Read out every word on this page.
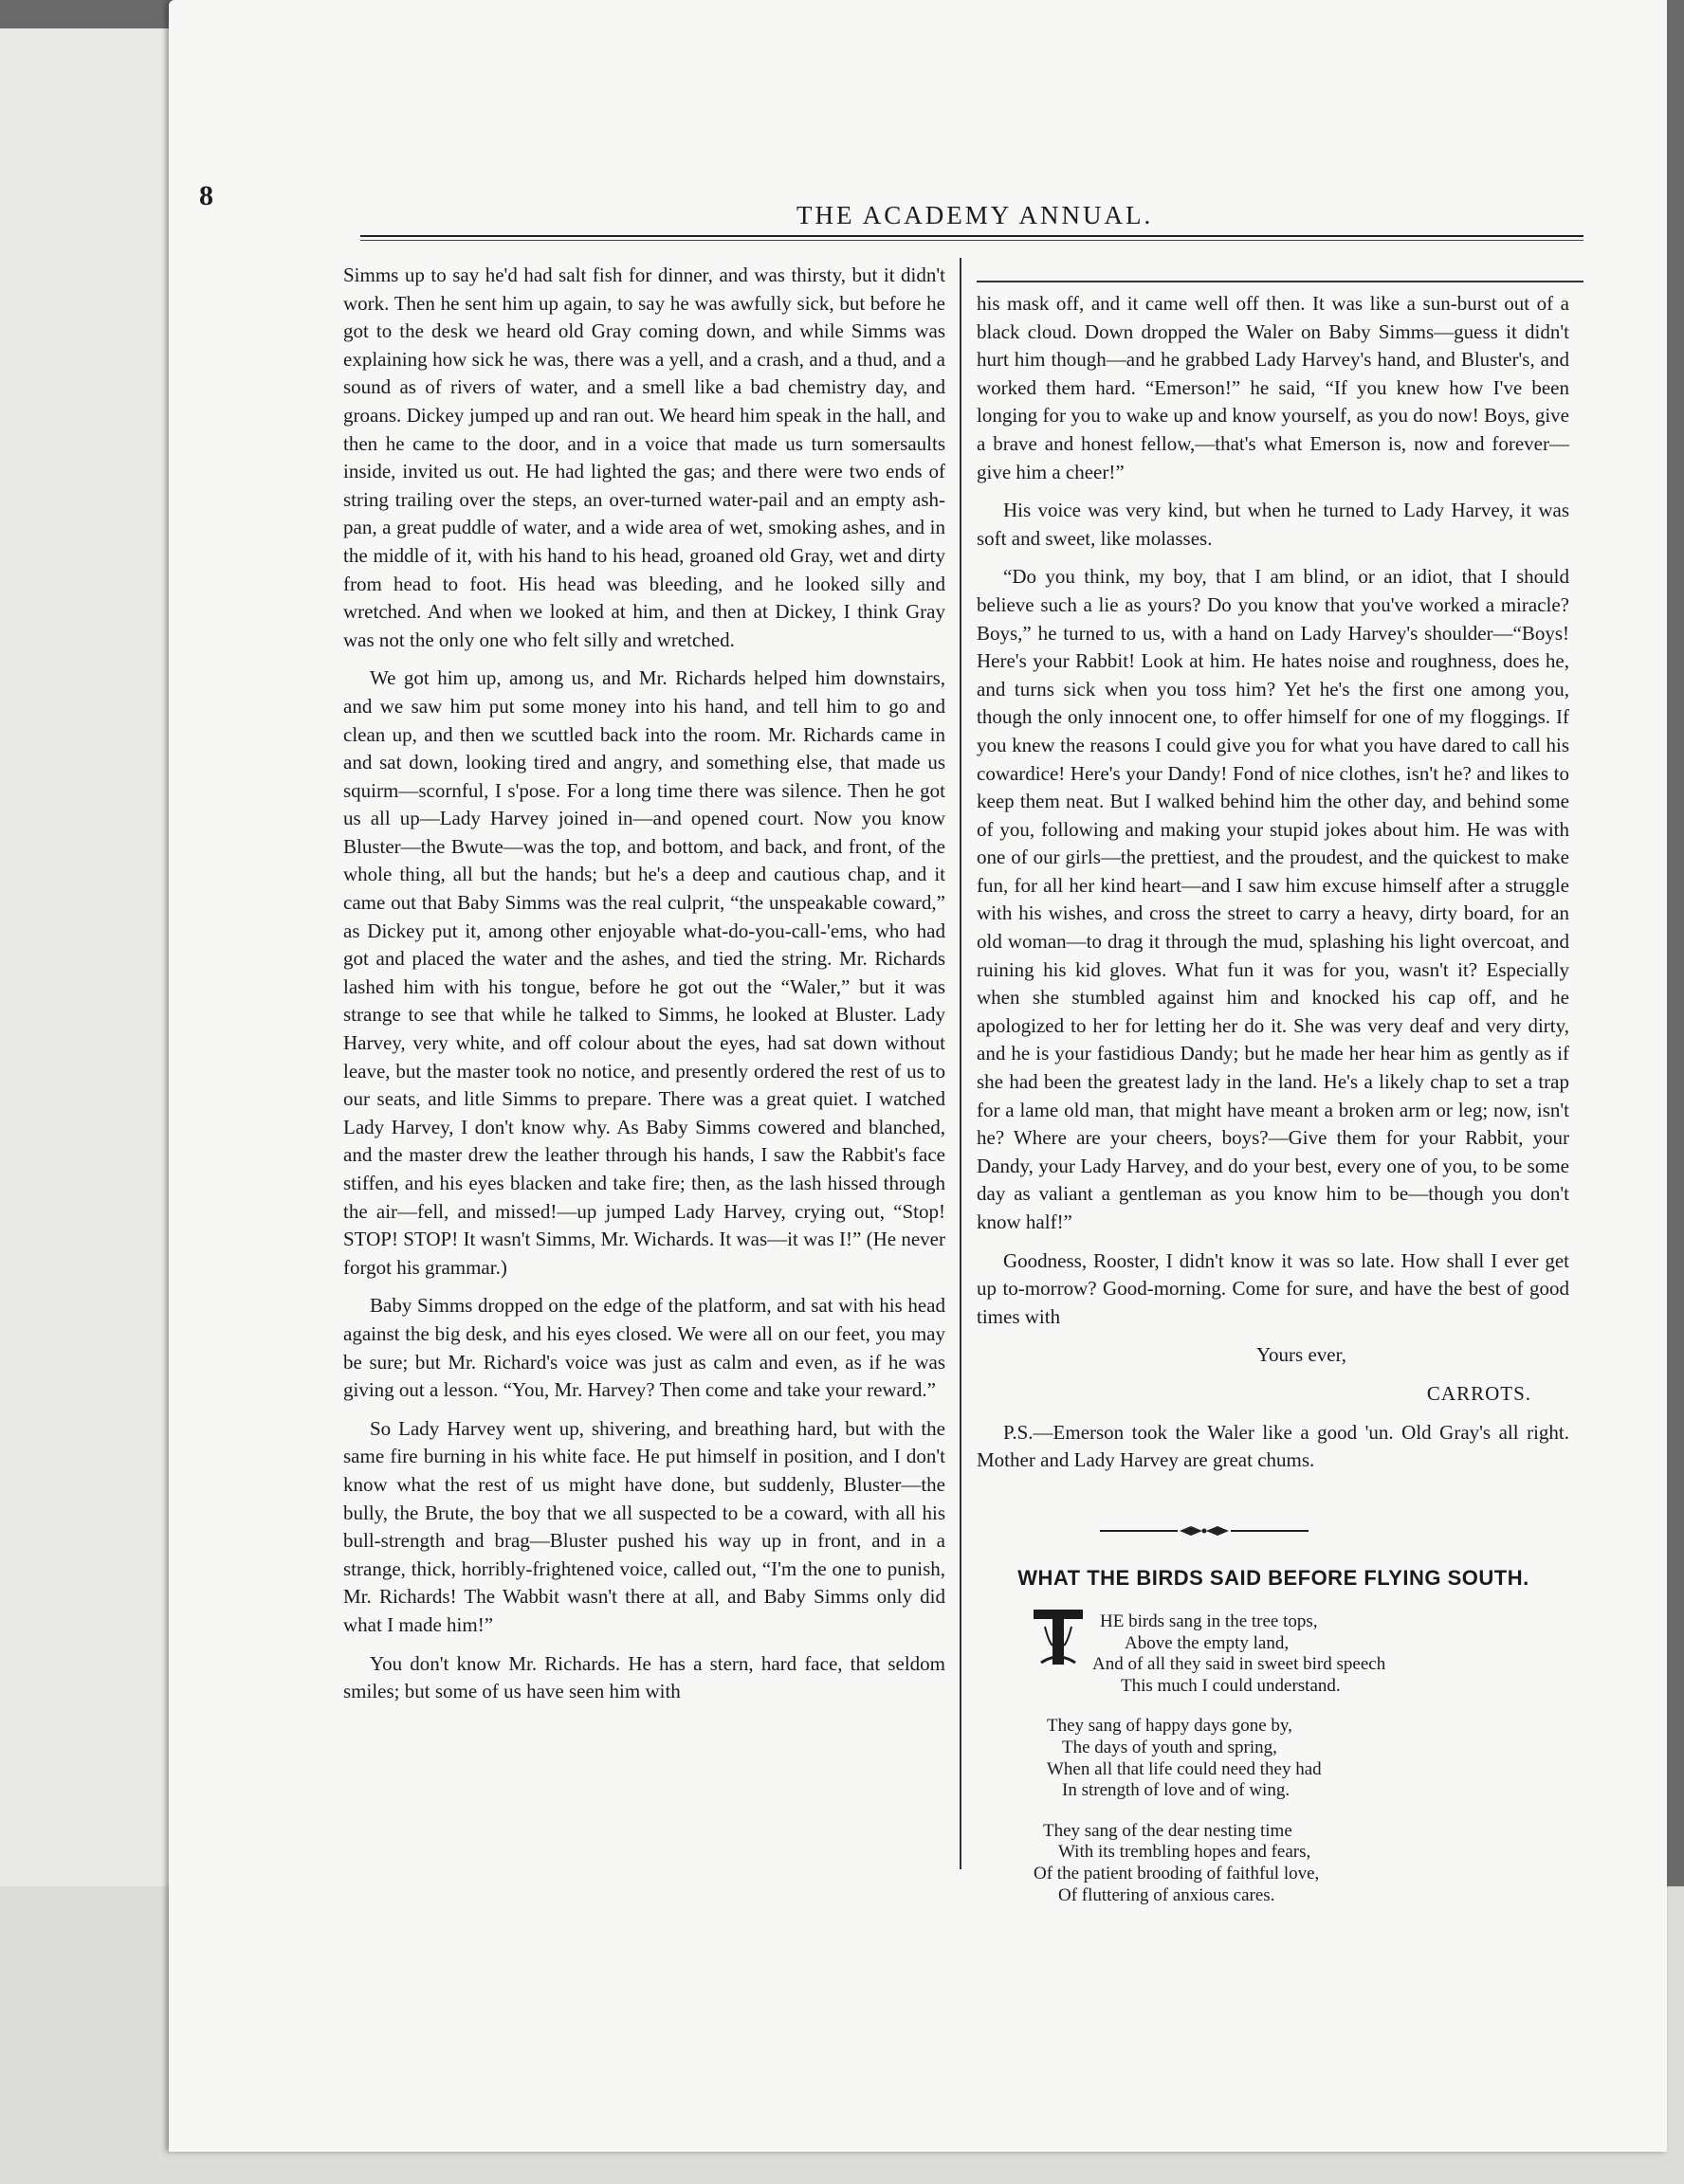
8
THE ACADEMY ANNUAL.

Simms up to say he'd had salt fish for dinner, and was thirsty, but it didn't work. Then he sent him up again, to say he was awfully sick, but before he got to the desk we heard old Gray coming down, and while Simms was explaining how sick he was, there was a yell, and a crash, and a thud, and a sound as of rivers of water, and a smell like a bad chemistry day, and groans. Dickey jumped up and ran out. We heard him speak in the hall, and then he came to the door, and in a voice that made us turn somersaults inside, invited us out. He had lighted the gas; and there were two ends of string trailing over the steps, an over-turned water-pail and an empty ash-pan, a great puddle of water, and a wide area of wet, smoking ashes, and in the middle of it, with his hand to his head, groaned old Gray, wet and dirty from head to foot. His head was bleeding, and he looked silly and wretched. And when we looked at him, and then at Dickey, I think Gray was not the only one who felt silly and wretched.

We got him up, among us, and Mr. Richards helped him downstairs, and we saw him put some money into his hand, and tell him to go and clean up, and then we scuttled back into the room. Mr. Richards came in and sat down, looking tired and angry, and something else, that made us squirm—scornful, I s'pose. For a long time there was silence. Then he got us all up—Lady Harvey joined in—and opened court. Now you know Bluster—the Bwute—was the top, and bottom, and back, and front, of the whole thing, all but the hands; but he's a deep and cautious chap, and it came out that Baby Simms was the real culprit, “the unspeakable coward,” as Dickey put it, among other enjoyable what-do-you-call-'ems, who had got and placed the water and the ashes, and tied the string. Mr. Richards lashed him with his tongue, before he got out the “Waler,” but it was strange to see that while he talked to Simms, he looked at Bluster. Lady Harvey, very white, and off colour about the eyes, had sat down without leave, but the master took no notice, and presently ordered the rest of us to our seats, and litle Simms to prepare. There was a great quiet. I watched Lady Harvey, I don't know why. As Baby Simms cowered and blanched, and the master drew the leather through his hands, I saw the Rabbit's face stiffen, and his eyes blacken and take fire; then, as the lash hissed through the air—fell, and missed!—up jumped Lady Harvey, crying out, “Stop! STOP! STOP! It wasn't Simms, Mr. Wichards. It was—it was I!” (He never forgot his grammar.)

Baby Simms dropped on the edge of the platform, and sat with his head against the big desk, and his eyes closed. We were all on our feet, you may be sure; but Mr. Richard's voice was just as calm and even, as if he was giving out a lesson. “You, Mr. Harvey? Then come and take your reward.”

So Lady Harvey went up, shivering, and breathing hard, but with the same fire burning in his white face. He put himself in position, and I don't know what the rest of us might have done, but suddenly, Bluster—the bully, the Brute, the boy that we all suspected to be a coward, with all his bull-strength and brag—Bluster pushed his way up in front, and in a strange, thick, horribly-frightened voice, called out, “I'm the one to punish, Mr. Richards! The Wabbit wasn't there at all, and Baby Simms only did what I made him!”

You don't know Mr. Richards. He has a stern, hard face, that seldom smiles; but some of us have seen him with

his mask off, and it came well off then. It was like a sun-burst out of a black cloud. Down dropped the Waler on Baby Simms—guess it didn't hurt him though—and he grabbed Lady Harvey's hand, and Bluster's, and worked them hard. “Emerson!” he said, “If you knew how I've been longing for you to wake up and know yourself, as you do now! Boys, give a brave and honest fellow,—that's what Emerson is, now and forever—give him a cheer!”

His voice was very kind, but when he turned to Lady Harvey, it was soft and sweet, like molasses.

“Do you think, my boy, that I am blind, or an idiot, that I should believe such a lie as yours? Do you know that you've worked a miracle? Boys,” he turned to us, with a hand on Lady Harvey's shoulder—“Boys! Here's your Rabbit! Look at him. He hates noise and roughness, does he, and turns sick when you toss him? Yet he's the first one among you, though the only innocent one, to offer himself for one of my floggings. If you knew the reasons I could give you for what you have dared to call his cowardice! Here's your Dandy! Fond of nice clothes, isn't he? and likes to keep them neat. But I walked behind him the other day, and behind some of you, following and making your stupid jokes about him. He was with one of our girls—the prettiest, and the proudest, and the quickest to make fun, for all her kind heart—and I saw him excuse himself after a struggle with his wishes, and cross the street to carry a heavy, dirty board, for an old woman—to drag it through the mud, splashing his light overcoat, and ruining his kid gloves. What fun it was for you, wasn't it? Especially when she stumbled against him and knocked his cap off, and he apologized to her for letting her do it. She was very deaf and very dirty, and he is your fastidious Dandy; but he made her hear him as gently as if she had been the greatest lady in the land. He's a likely chap to set a trap for a lame old man, that might have meant a broken arm or leg; now, isn't he? Where are your cheers, boys?—Give them for your Rabbit, your Dandy, your Lady Harvey, and do your best, every one of you, to be some day as valiant a gentleman as you know him to be—though you don't know half!”

Goodness, Rooster, I didn't know it was so late. How shall I ever get up to-morrow? Good-morning. Come for sure, and have the best of good times with

Yours ever,

CARROTS.

P.S.—Emerson took the Waler like a good 'un. Old Gray's all right. Mother and Lady Harvey are great chums.

WHAT THE BIRDS SAID BEFORE FLYING SOUTH.
HE birds sang in the tree tops,
Above the empty land,
And of all they said in sweet bird speech
This much I could understand.
They sang of happy days gone by,
The days of youth and spring,
When all that life could need they had
In strength of love and of wing.
They sang of the dear nesting time
With its trembling hopes and fears,
Of the patient brooding of faithful love,
Of fluttering of anxious cares.
